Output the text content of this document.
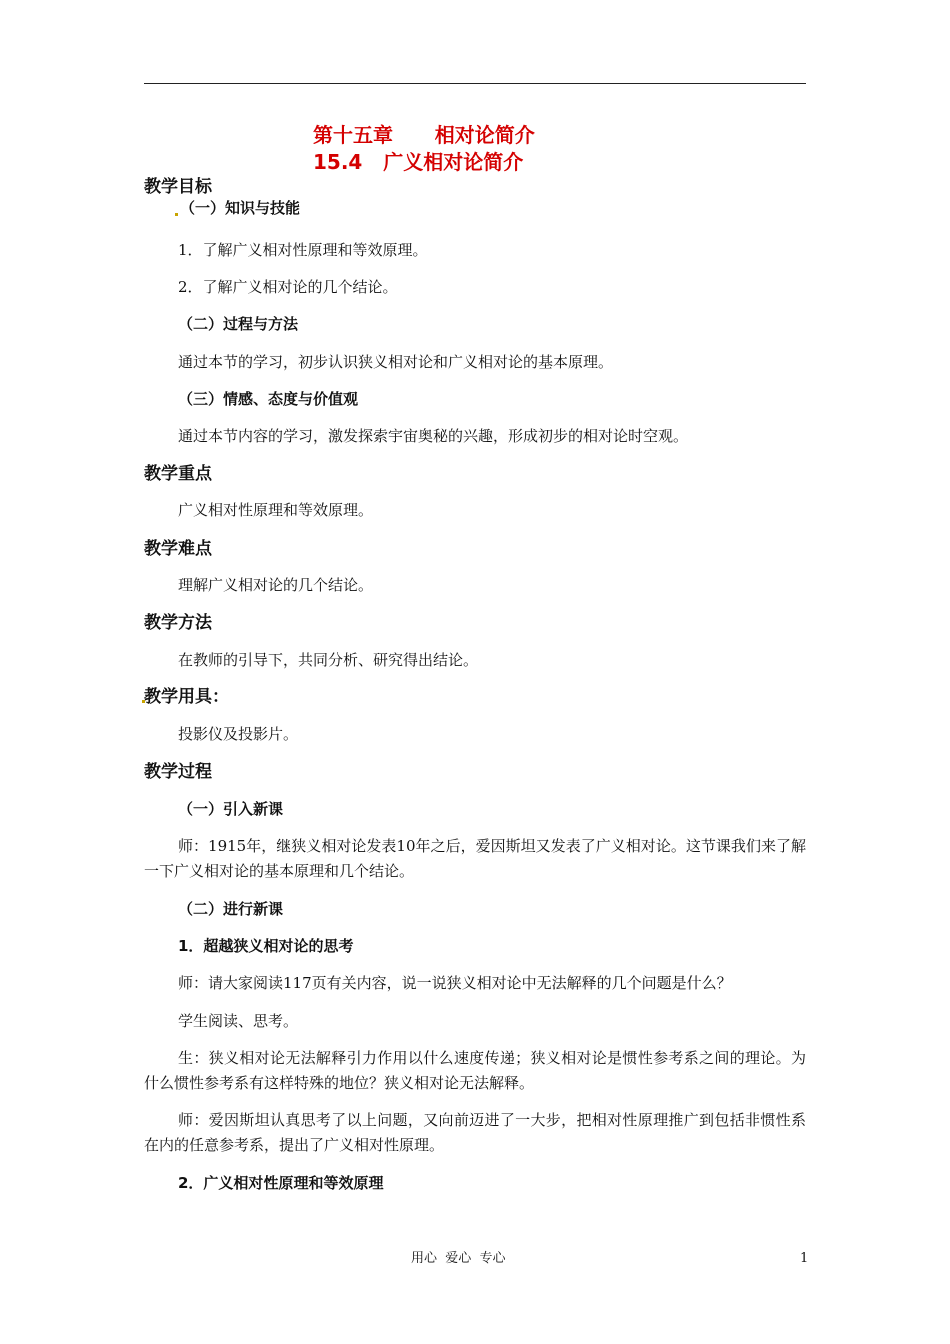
第十五章      相对论简介
15.4   广义相对论简介
教学目标
（一）知识与技能
1．了解广义相对性原理和等效原理。
2．了解广义相对论的几个结论。
（二）过程与方法
通过本节的学习，初步认识狭义相对论和广义相对论的基本原理。
（三）情感、态度与价值观
通过本节内容的学习，激发探索宇宙奥秘的兴趣，形成初步的相对论时空观。
教学重点
广义相对性原理和等效原理。
教学难点
理解广义相对论的几个结论。
教学方法
在教师的引导下，共同分析、研究得出结论。
教学用具：
投影仪及投影片。
教学过程
（一）引入新课
师：1915年，继狭义相对论发表10年之后，爱因斯坦又发表了广义相对论。这节课我们来了解一下广义相对论的基本原理和几个结论。
（二）进行新课
1．超越狭义相对论的思考
师：请大家阅读117页有关内容，说一说狭义相对论中无法解释的几个问题是什么？
学生阅读、思考。
生：狭义相对论无法解释引力作用以什么速度传递；狭义相对论是惯性参考系之间的理论。为什么惯性参考系有这样特殊的地位？狭义相对论无法解释。
师：爱因斯坦认真思考了以上问题，又向前迈进了一大步，把相对性原理推广到包括非惯性系在内的任意参考系，提出了广义相对性原理。
2．广义相对性原理和等效原理
用心  爱心  专心	1
